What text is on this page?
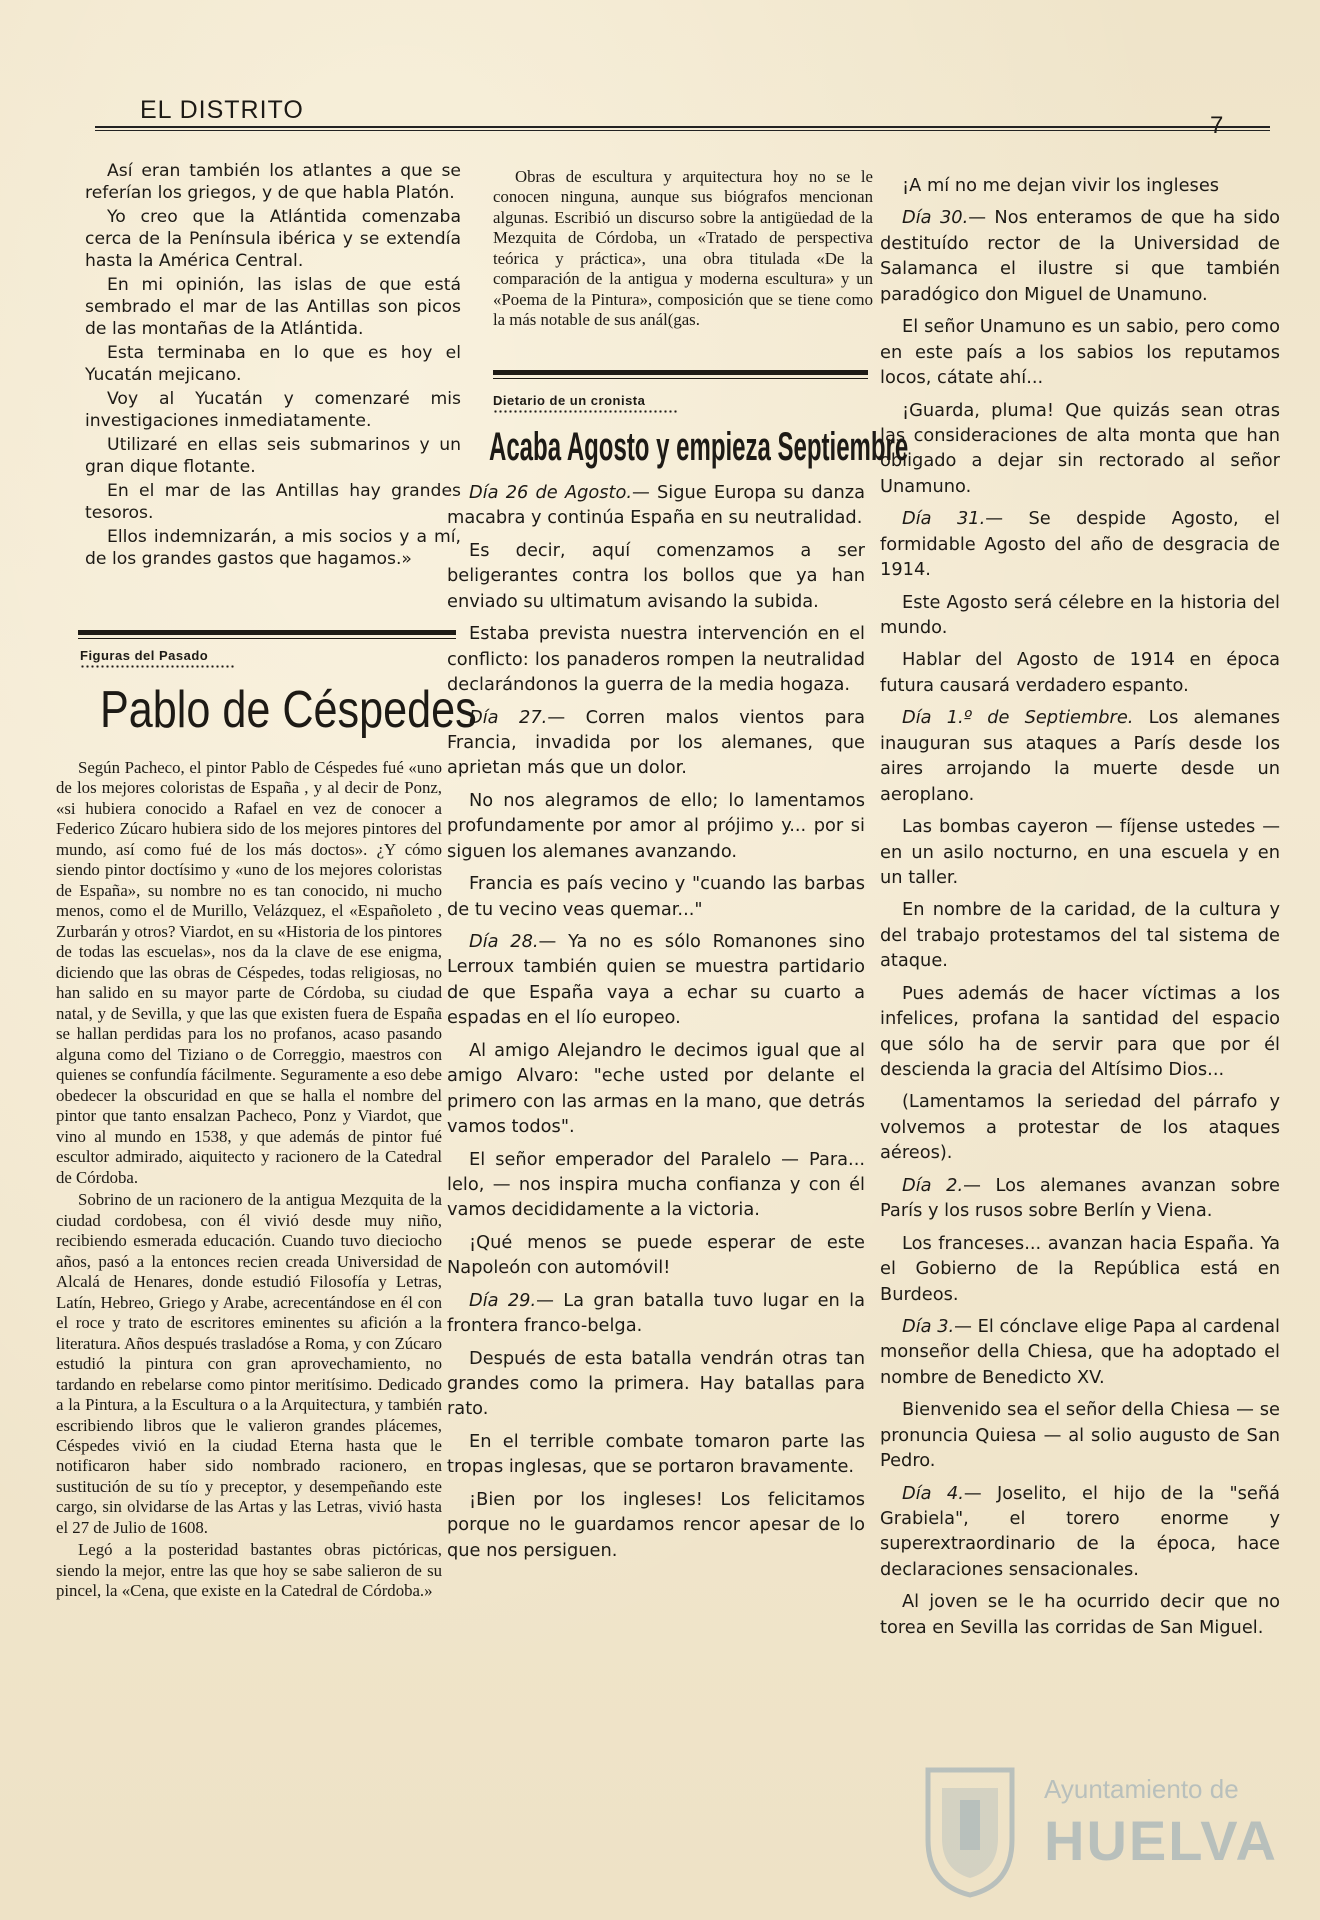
EL DISTRITO
7

Así eran también los atlantes a que se referían los griegos, y de que habla Platón.

Yo creo que la Atlántida comenzaba cerca de la Península ibérica y se extendía hasta la América Central.

En mi opinión, las islas de que está sembrado el mar de las Antillas son picos de las montañas de la Atlántida.

Esta terminaba en lo que es hoy el Yucatán mejicano.

Voy al Yucatán y comenzaré mis investigaciones inmediatamente.

Utilizaré en ellas seis submarinos y un gran dique flotante.

En el mar de las Antillas hay grandes tesoros.

Ellos indemnizarán, a mis socios y a mí, de los grandes gastos que hagamos.»

Figuras del Pasado
Pablo de Céspedes

Según Pacheco, el pintor Pablo de Céspedes fué «uno de los mejores coloristas de España , y al decir de Ponz, «si hubiera conocido a Rafael en vez de conocer a Federico Zúcaro hubiera sido de los mejores pintores del mundo, así como fué de los más doctos». ¿Y cómo siendo pintor doctísimo y «uno de los mejores coloristas de España», su nombre no es tan conocido, ni mucho menos, como el de Murillo, Velázquez, el «Españoleto , Zurbarán y otros? Viardot, en su «Historia de los pintores de todas las escuelas», nos da la clave de ese enigma, diciendo que las obras de Céspedes, todas religiosas, no han salido en su mayor parte de Córdoba, su ciudad natal, y de Sevilla, y que las que existen fuera de España se hallan perdidas para los no profanos, acaso pasando alguna como del Tiziano o de Correggio, maestros con quienes se confundía fácilmente. Seguramente a eso debe obedecer la obscuridad en que se halla el nombre del pintor que tanto ensalzan Pacheco, Ponz y Viardot, que vino al mundo en 1538, y que además de pintor fué escultor admirado, aiquitecto y racionero de la Catedral de Córdoba.

Sobrino de un racionero de la antigua Mezquita de la ciudad cordobesa, con él vivió desde muy niño, recibiendo esmerada educación. Cuando tuvo dieciocho años, pasó a la entonces recien creada Universidad de Alcalá de Henares, donde estudió Filosofía y Letras, Latín, Hebreo, Griego y Arabe, acrecentándose en él con el roce y trato de escritores eminentes su afición a la literatura. Años después trasladóse a Roma, y con Zúcaro estudió la pintura con gran aprovechamiento, no tardando en rebelarse como pintor meritísimo. Dedicado a la Pintura, a la Escultura o a la Arquitectura, y también escribiendo libros que le valieron grandes plácemes, Céspedes vivió en la ciudad Eterna hasta que le notificaron haber sido nombrado racionero, en sustitución de su tío y preceptor, y desempeñando este cargo, sin olvidarse de las Artas y las Letras, vivió hasta el 27 de Julio de 1608.

Legó a la posteridad bastantes obras pictóricas, siendo la mejor, entre las que hoy se sabe salieron de su pincel, la «Cena, que existe en la Catedral de Córdoba.»

Obras de escultura y arquitectura hoy no se le conocen ninguna, aunque sus biógrafos mencionan algunas. Escribió un discurso sobre la antigüedad de la Mezquita de Córdoba, un «Tratado de perspectiva teórica y práctica», una obra titulada «De la comparación de la antigua y moderna escultura» y un «Poema de la Pintura», composición que se tiene como la más notable de sus anál(gas.

Dietario de un cronista
Acaba Agosto y empieza Septiembre

Día 26 de Agosto.— Sigue Europa su danza macabra y continúa España en su neutralidad.

Es decir, aquí comenzamos a ser beligerantes contra los bollos que ya han enviado su ultimatum avisando la subida.

Estaba prevista nuestra intervención en el conflicto: los panaderos rompen la neutralidad declarándonos la guerra de la media hogaza.

Día 27.— Corren malos vientos para Francia, invadida por los alemanes, que aprietan más que un dolor.

No nos alegramos de ello; lo lamentamos profundamente por amor al prójimo y... por si siguen los alemanes avanzando.

Francia es país vecino y "cuando las barbas de tu vecino veas quemar..."

Día 28.— Ya no es sólo Romanones sino Lerroux también quien se muestra partidario de que España vaya a echar su cuarto a espadas en el lío europeo.

Al amigo Alejandro le decimos igual que al amigo Alvaro: "eche usted por delante el primero con las armas en la mano, que detrás vamos todos".

El señor emperador del Paralelo — Para... lelo, — nos inspira mucha confianza y con él vamos decididamente a la victoria.

¡Qué menos se puede esperar de este Napoleón con automóvil!

Día 29.— La gran batalla tuvo lugar en la frontera franco-belga.

Después de esta batalla vendrán otras tan grandes como la primera. Hay batallas para rato.

En el terrible combate tomaron parte las tropas inglesas, que se portaron bravamente.

¡Bien por los ingleses! Los felicitamos porque no le guardamos rencor apesar de lo que nos persiguen.

¡A mí no me dejan vivir los ingleses

Día 30.— Nos enteramos de que ha sido destituído rector de la Universidad de Salamanca el ilustre si que también paradógico don Miguel de Unamuno.

El señor Unamuno es un sabio, pero como en este país a los sabios los reputamos locos, cátate ahí...

¡Guarda, pluma! Que quizás sean otras las consideraciones de alta monta que han obligado a dejar sin rectorado al señor Unamuno.

Día 31.— Se despide Agosto, el formidable Agosto del año de desgracia de 1914.

Este Agosto será célebre en la historia del mundo.

Hablar del Agosto de 1914 en época futura causará verdadero espanto.

Día 1.º de Septiembre. Los alemanes inauguran sus ataques a París desde los aires arrojando la muerte desde un aeroplano.

Las bombas cayeron — fíjense ustedes — en un asilo nocturno, en una escuela y en un taller.

En nombre de la caridad, de la cultura y del trabajo protestamos del tal sistema de ataque.

Pues además de hacer víctimas a los infelices, profana la santidad del espacio que sólo ha de servir para que por él descienda la gracia del Altísimo Dios...

(Lamentamos la seriedad del párrafo y volvemos a protestar de los ataques aéreos).

Día 2.— Los alemanes avanzan sobre París y los rusos sobre Berlín y Viena.

Los franceses... avanzan hacia España. Ya el Gobierno de la República está en Burdeos.

Día 3.— El cónclave elige Papa al cardenal monseñor della Chiesa, que ha adoptado el nombre de Benedicto XV.

Bienvenido sea el señor della Chiesa — se pronuncia Quiesa — al solio augusto de San Pedro.

Día 4.— Joselito, el hijo de la "señá Grabiela", el torero enorme y superextraordinario de la época, hace declaraciones sensacionales.

Al joven se le ha ocurrido decir que no torea en Sevilla las corridas de San Miguel.

Ayuntamiento de
HUELVA
